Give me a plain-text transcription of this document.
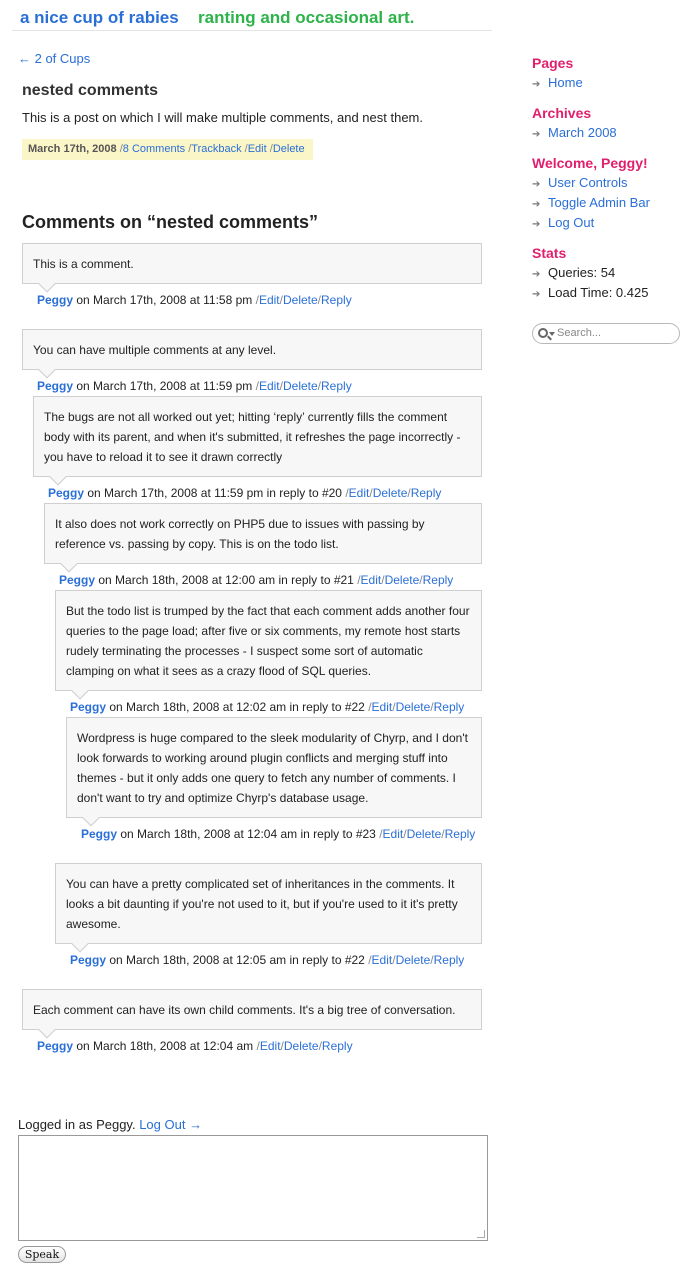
a nice cup of rabies ranting and occasional art.
← 2 of Cups
nested comments
This is a post on which I will make multiple comments, and nest them.
March 17th, 2008 /8 Comments /Trackback /Edit /Delete
Comments on “nested comments”
This is a comment.
Peggy on March 17th, 2008 at 11:58 pm /Edit/Delete/Reply
You can have multiple comments at any level.
Peggy on March 17th, 2008 at 11:59 pm /Edit/Delete/Reply
The bugs are not all worked out yet; hitting ‘reply’ currently fills the comment body with its parent, and when it's submitted, it refreshes the page incorrectly - you have to reload it to see it drawn correctly
Peggy on March 17th, 2008 at 11:59 pm in reply to #20 /Edit/Delete/Reply
It also does not work correctly on PHP5 due to issues with passing by reference vs. passing by copy. This is on the todo list.
Peggy on March 18th, 2008 at 12:00 am in reply to #21 /Edit/Delete/Reply
But the todo list is trumped by the fact that each comment adds another four queries to the page load; after five or six comments, my remote host starts rudely terminating the processes - I suspect some sort of automatic clamping on what it sees as a crazy flood of SQL queries.
Peggy on March 18th, 2008 at 12:02 am in reply to #22 /Edit/Delete/Reply
Wordpress is huge compared to the sleek modularity of Chyrp, and I don't look forwards to working around plugin conflicts and merging stuff into themes - but it only adds one query to fetch any number of comments. I don't want to try and optimize Chyrp's database usage.
Peggy on March 18th, 2008 at 12:04 am in reply to #23 /Edit/Delete/Reply
You can have a pretty complicated set of inheritances in the comments. It looks a bit daunting if you're not used to it, but if you're used to it it's pretty awesome.
Peggy on March 18th, 2008 at 12:05 am in reply to #22 /Edit/Delete/Reply
Each comment can have its own child comments. It's a big tree of conversation.
Peggy on March 18th, 2008 at 12:04 am /Edit/Delete/Reply
Pages
➔ Home
Archives
➔ March 2008
Welcome, Peggy!
➔ User Controls
➔ Toggle Admin Bar
➔ Log Out
Stats
➔ Queries: 54
➔ Load Time: 0.425
Search...
Logged in as Peggy. Log Out →
Speak
